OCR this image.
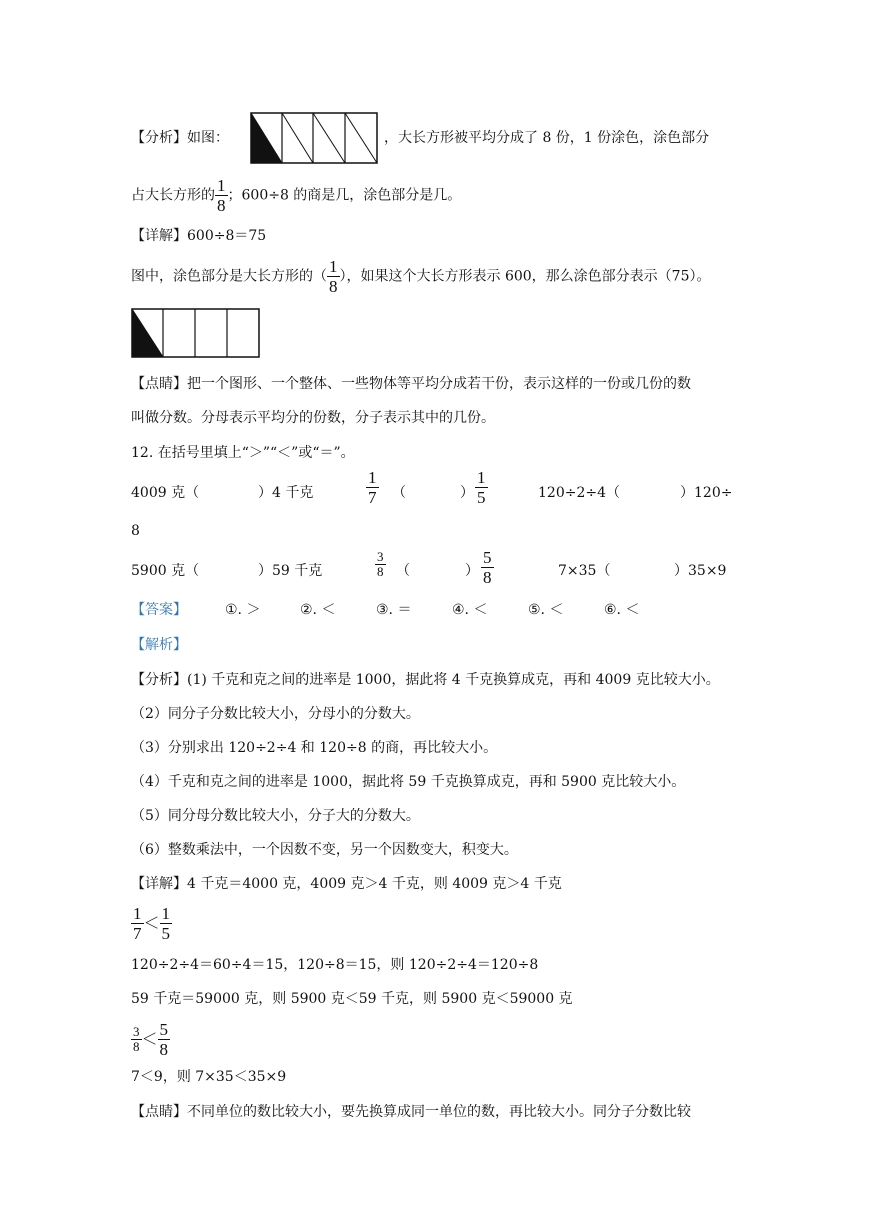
【分析】如图：	，大长方形被平均分成了 8 份，1 份涂色，涂色部分
占大长方形的 $\frac{1}{8}$ ；600÷8 的商是几，涂色部分是几。
【详解】600÷8＝75
图中，涂色部分是大长方形的（ $\frac{1}{8}$ ），如果这个大长方形表示 600，那么涂色部分表示（75）。
【点睛】把一个图形、一个整体、一些物体等平均分成若干份，表示这样的一份或几份的数
叫做分数。分母表示平均分的份数，分子表示其中的几份。
12. 在括号里填上“＞”“＜”或“＝”。
4009 克（	）4 千克	$\frac{1}{7}$ （	） $\frac{1}{5}$	120÷2÷4（	）120÷
8
5900 克（	）59 千克	$\frac{3}{8}$ （	） $\frac{5}{8}$	7×35（	）35×9
【答案】	①. ＞	②. ＜	③. ＝	④. ＜	⑤. ＜	⑥. ＜
【解析】
【分析】(1) 千克和克之间的进率是 1000，据此将 4 千克换算成克，再和 4009 克比较大小。
（2）同分子分数比较大小，分母小的分数大。
（3）分别求出 120÷2÷4 和 120÷8 的商，再比较大小。
（4）千克和克之间的进率是 1000，据此将 59 千克换算成克，再和 5900 克比较大小。
（5）同分母分数比较大小，分子大的分数大。
（6）整数乘法中，一个因数不变，另一个因数变大，积变大。
【详解】4 千克＝4000 克，4009 克＞4 千克，则 4009 克＞4 千克
$\frac{1}{7} < \frac{1}{5}$
120÷2÷4＝60÷4＝15，120÷8＝15，则 120÷2÷4＝120÷8
59 千克＝59000 克，则 5900 克＜59 千克，则 5900 克＜59000 克
$\frac{3}{8} < \frac{5}{8}$
7＜9，则 7×35＜35×9
【点睛】不同单位的数比较大小，要先换算成同一单位的数，再比较大小。同分子分数比较
